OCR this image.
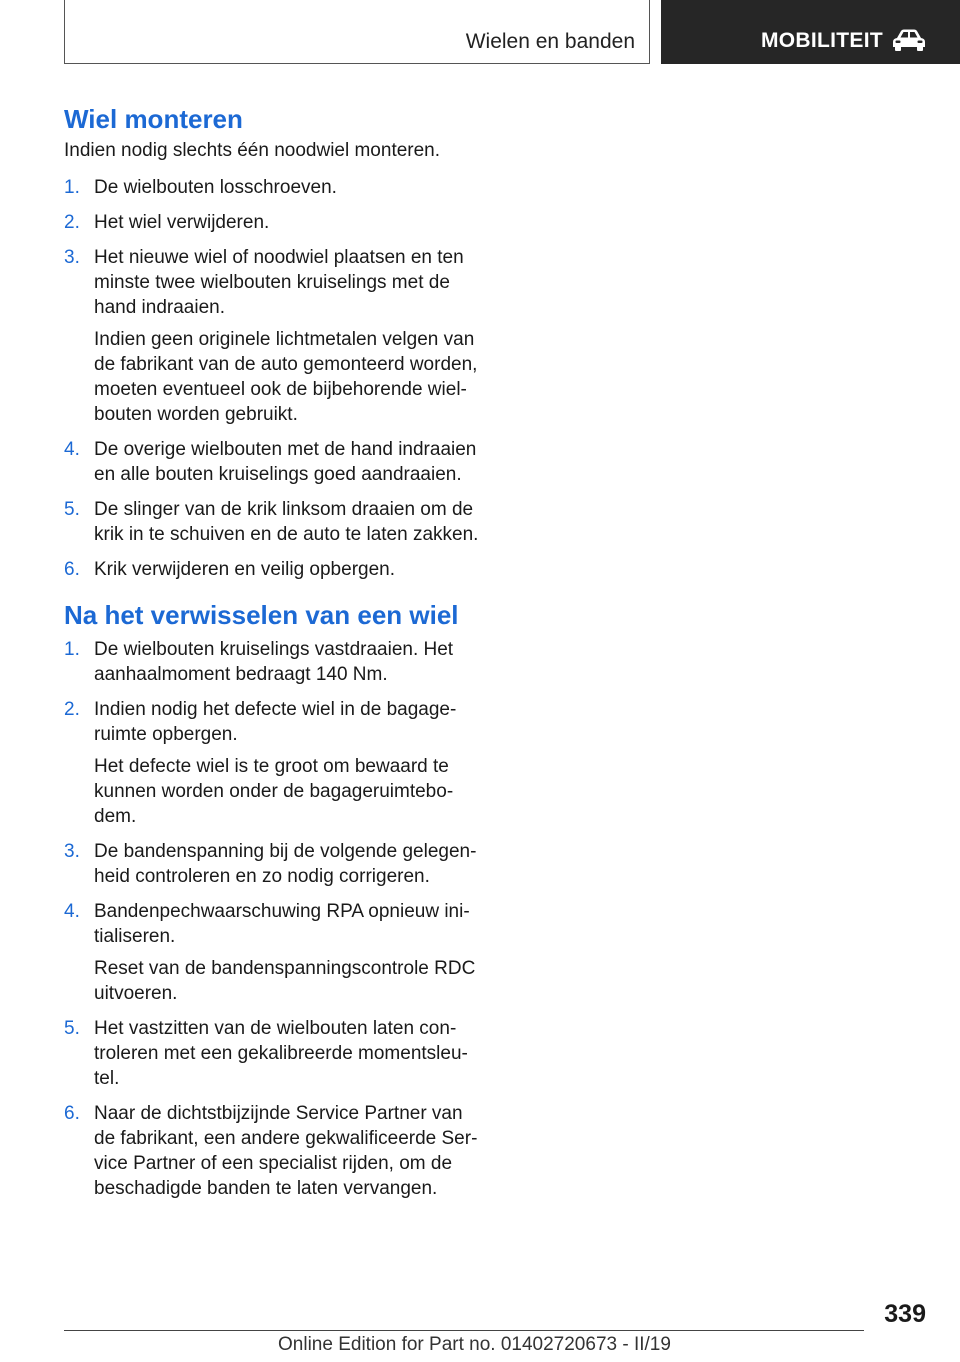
Wielen en banden	MOBILITEIT
Wiel monteren

Indien nodig slechts één noodwiel monteren.

1. De wielbouten losschroeven.
2. Het wiel verwijderen.
3. Het nieuwe wiel of noodwiel plaatsen en ten minste twee wielbouten kruiselings met de hand indraaien.
Indien geen originele lichtmetalen velgen van de fabrikant van de auto gemonteerd worden, moeten eventueel ook de bijbehorende wielbouten worden gebruikt.
4. De overige wielbouten met de hand indraaien en alle bouten kruiselings goed aandraaien.
5. De slinger van de krik linksom draaien om de krik in te schuiven en de auto te laten zakken.
6. Krik verwijderen en veilig opbergen.
Na het verwisselen van een wiel
1. De wielbouten kruiselings vastdraaien. Het aanhaalmoment bedraagt 140 Nm.
2. Indien nodig het defecte wiel in de bagageruimte opbergen.
Het defecte wiel is te groot om bewaard te kunnen worden onder de bagageruimtebodem.
3. De bandenspanning bij de volgende gelegenheid controleren en zo nodig corrigeren.
4. Bandenpechwaarschuwing RPA opnieuw initialiseren.
Reset van de bandenspanningscontrole RDC uitvoeren.
5. Het vastzitten van de wielbouten laten controleren met een gekalibreerde momentsleutel.
6. Naar de dichtstbijzijnde Service Partner van de fabrikant, een andere gekwalificeerde Service Partner of een specialist rijden, om de beschadigde banden te laten vervangen.
339
Online Edition for Part no. 01402720673 - II/19
